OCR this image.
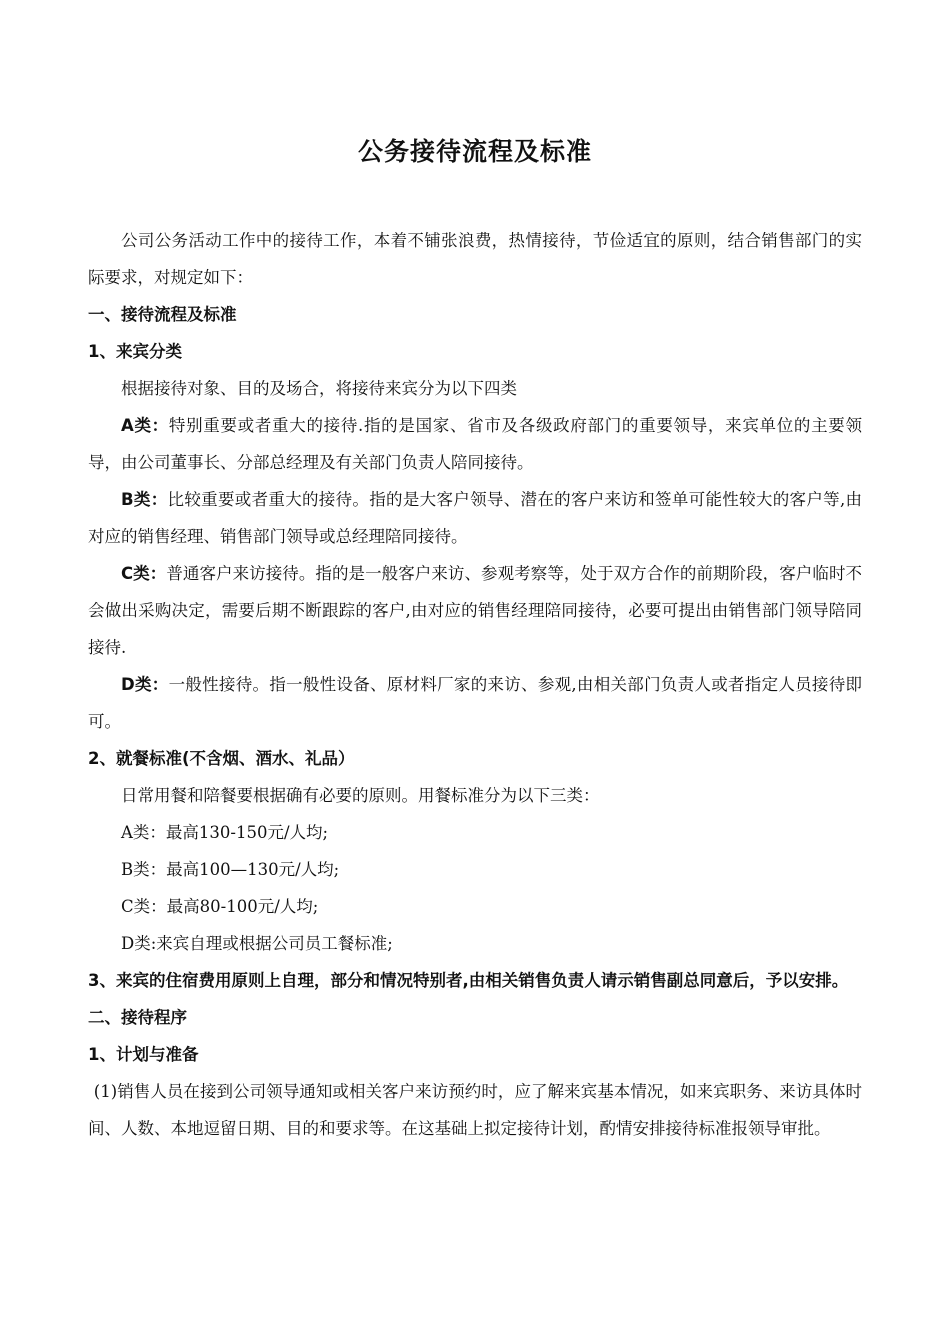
公务接待流程及标准

公司公务活动工作中的接待工作，本着不铺张浪费，热情接待，节俭适宜的原则，结合销售部门的实际要求，对规定如下：

一、接待流程及标准

1、来宾分类

根据接待对象、目的及场合，将接待来宾分为以下四类

A类：特别重要或者重大的接待.指的是国家、省市及各级政府部门的重要领导，来宾单位的主要领导，由公司董事长、分部总经理及有关部门负责人陪同接待。

B类：比较重要或者重大的接待。指的是大客户领导、潜在的客户来访和签单可能性较大的客户等,由对应的销售经理、销售部门领导或总经理陪同接待。

C类：普通客户来访接待。指的是一般客户来访、参观考察等，处于双方合作的前期阶段，客户临时不会做出采购决定，需要后期不断跟踪的客户,由对应的销售经理陪同接待，必要可提出由销售部门领导陪同接待.

D类：一般性接待。指一般性设备、原材料厂家的来访、参观,由相关部门负责人或者指定人员接待即可。

2、就餐标准(不含烟、酒水、礼品）

日常用餐和陪餐要根据确有必要的原则。用餐标准分为以下三类：

A类：最高130-150元/人均;

B类：最高100—130元/人均;

C类：最高80-100元/人均;

D类:来宾自理或根据公司员工餐标准;

3、来宾的住宿费用原则上自理，部分和情况特别者,由相关销售负责人请示销售副总同意后，予以安排。

二、接待程序

1、计划与准备

(1)销售人员在接到公司领导通知或相关客户来访预约时，应了解来宾基本情况，如来宾职务、来访具体时间、人数、本地逗留日期、目的和要求等。在这基础上拟定接待计划，酌情安排接待标准报领导审批。
